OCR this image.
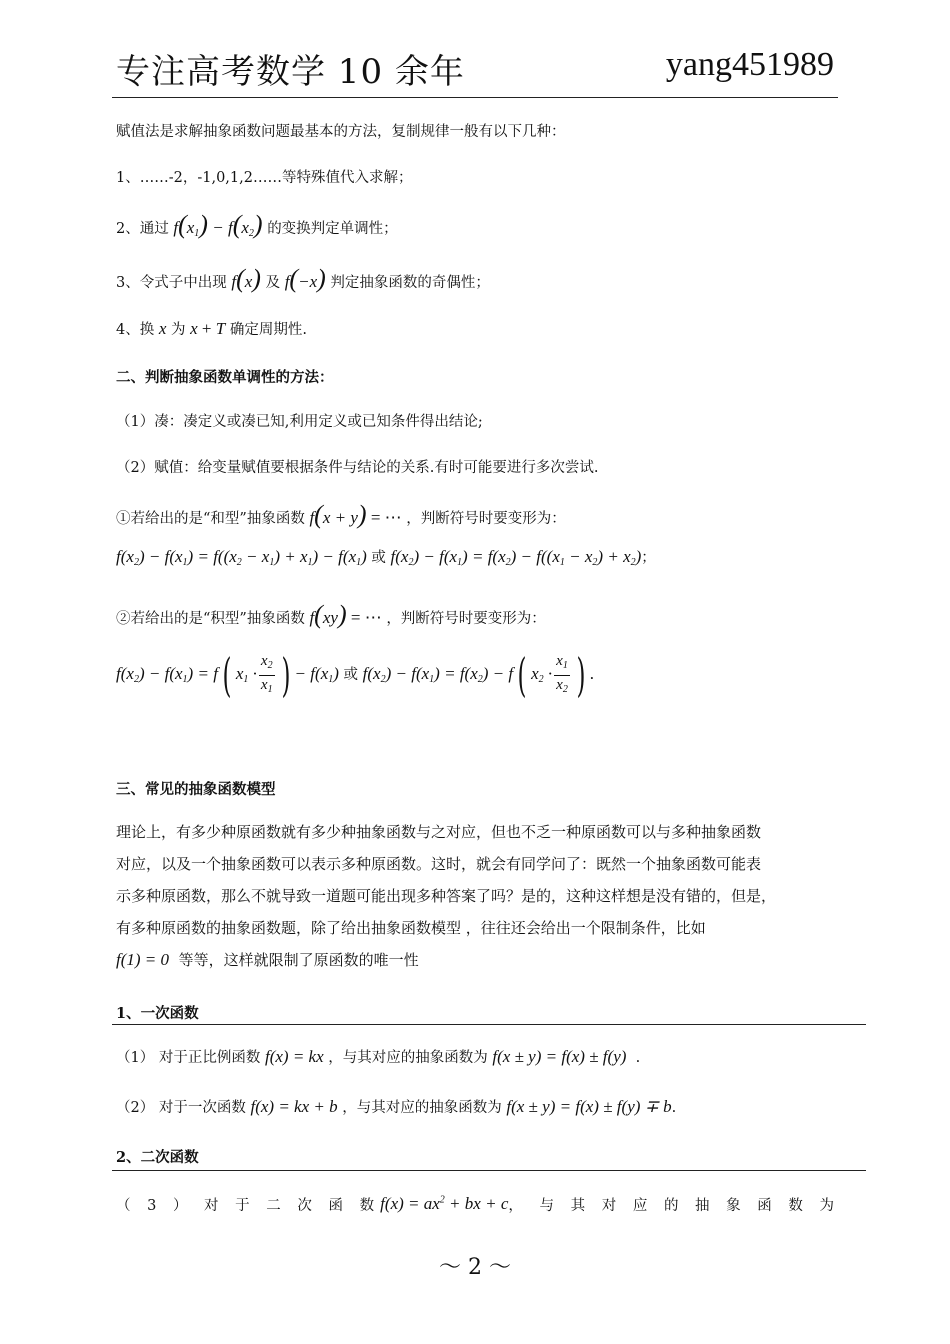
专注高考数学 10 余年	yang451989
赋值法是求解抽象函数问题最基本的方法，复制规律一般有以下几种：
1、……-2，-1,0,1,2……等特殊值代入求解；
2、通过 $f(x_1) - f(x_2)$ 的变换判定单调性；
3、令式子中出现 f(x) 及 f(−x) 判定抽象函数的奇偶性；
4、换 x 为 x + T 确定周期性.
二、判断抽象函数单调性的方法：
（1）凑：凑定义或凑已知,利用定义或已知条件得出结论;
（2）赋值：给变量赋值要根据条件与结论的关系.有时可能要进行多次尝试.
①若给出的是“和型”抽象函数 f(x + y) = ⋯ ，判断符号时要变形为：
$f(x_2) - f(x_1) = f((x_2 - x_1) + x_1) - f(x_1)$ 或 $f(x_2) - f(x_1) = f(x_2) - f((x_1 - x_2) + x_2)$；
②若给出的是“积型”抽象函数 f(xy) = ⋯ ，判断符号时要变形为：
$f(x_2) - f(x_1) = f$( $x_1 \cdot \frac{x_2}{x_1}$ ) − $f(x_1)$ 或 $f(x_2) - f(x_1) = f(x_2) - f$( $x_2 \cdot \frac{x_1}{x_2}$ ) .
三、常见的抽象函数模型
理论上，有多少种原函数就有多少种抽象函数与之对应，但也不乏一种原函数可以与多种抽象函数
对应，以及一个抽象函数可以表示多种原函数。这时，就会有同学问了：既然一个抽象函数可能表
示多种原函数，那么不就导致一道题可能出现多种答案了吗？是的，这种这样想是没有错的，但是，
有多种原函数的抽象函数题，除了给出抽象函数模型 ，往往还会给出一个限制条件，比如
f(1) = 0 等等，这样就限制了原函数的唯一性
1、一次函数
（1） 对于正比例函数 f(x) = kx ，与其对应的抽象函数为 f(x ± y) = f(x) ± f(y) .
（2） 对于一次函数 f(x) = kx + b ，与其对应的抽象函数为 f(x ± y) = f(x) ± f(y) ∓ b.
2、二次函数
（ 3 ） 对 于 二 次 函 数 $f(x) = ax^2$ + bx + c ， 与 其 对 应 的 抽 象 函 数 为
～ 2 ～
